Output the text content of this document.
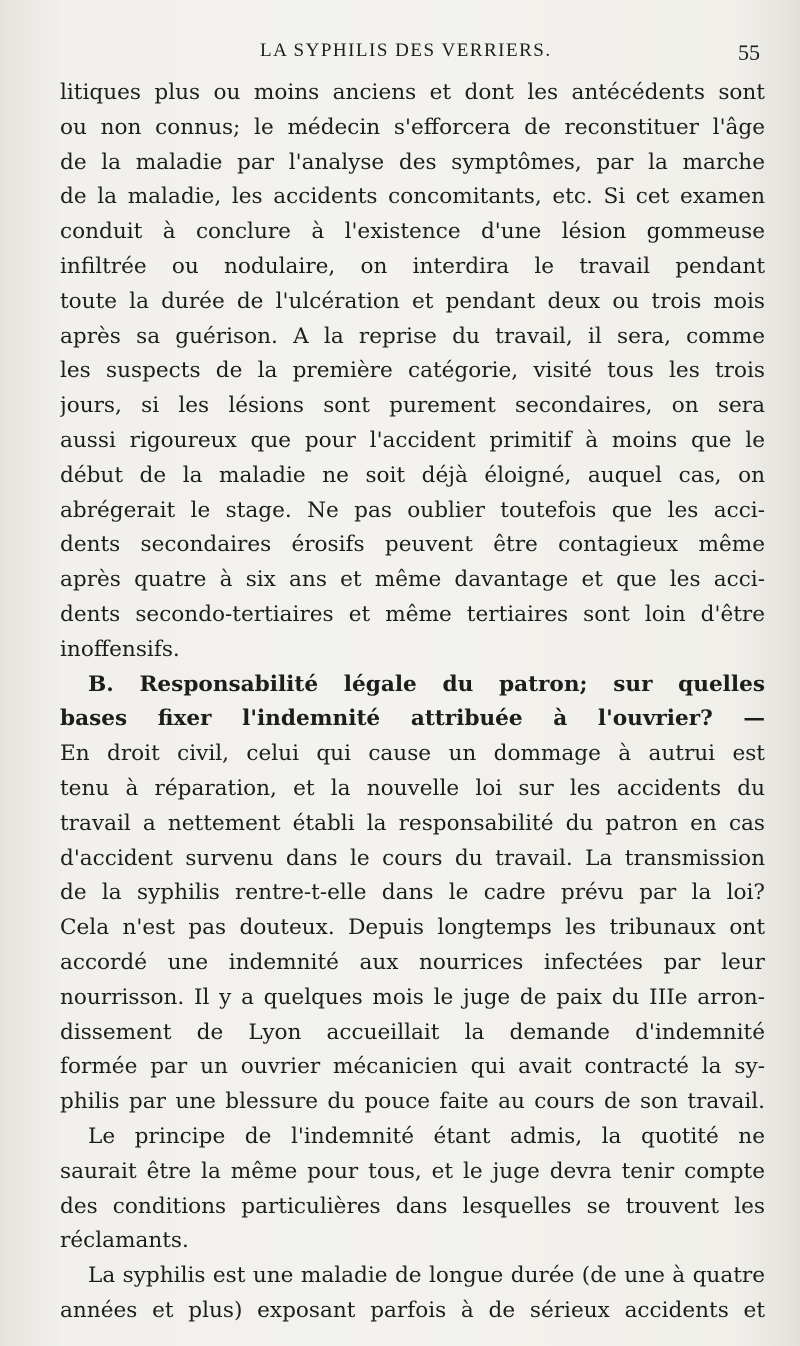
LA SYPHILIS DES VERRIERS.	55
litiques plus ou moins anciens et dont les antécédents sont
ou non connus; le médecin s'efforcera de reconstituer l'âge
de la maladie par l'analyse des symptômes, par la marche
de la maladie, les accidents concomitants, etc. Si cet examen
conduit à conclure à l'existence d'une lésion gommeuse
infiltrée ou nodulaire, on interdira le travail pendant
toute la durée de l'ulcération et pendant deux ou trois mois
après sa guérison. A la reprise du travail, il sera, comme
les suspects de la première catégorie, visité tous les trois
jours, si les lésions sont purement secondaires, on sera
aussi rigoureux que pour l'accident primitif à moins que le
début de la maladie ne soit déjà éloigné, auquel cas, on
abrégerait le stage. Ne pas oublier toutefois que les acci-
dents secondaires érosifs peuvent être contagieux même
après quatre à six ans et même davantage et que les acci-
dents secondo-tertiaires et même tertiaires sont loin d'être
inoffensifs.
B. Responsabilité légale du patron; sur quelles
bases fixer l'indemnité attribuée à l'ouvrier? —
En droit civil, celui qui cause un dommage à autrui est
tenu à réparation, et la nouvelle loi sur les accidents du
travail a nettement établi la responsabilité du patron en cas
d'accident survenu dans le cours du travail. La transmission
de la syphilis rentre-t-elle dans le cadre prévu par la loi?
Cela n'est pas douteux. Depuis longtemps les tribunaux ont
accordé une indemnité aux nourrices infectées par leur
nourrisson. Il y a quelques mois le juge de paix du IIIe arron-
dissement de Lyon accueillait la demande d'indemnité
formée par un ouvrier mécanicien qui avait contracté la sy-
philis par une blessure du pouce faite au cours de son travail.
Le principe de l'indemnité étant admis, la quotité ne
saurait être la même pour tous, et le juge devra tenir compte
des conditions particulières dans lesquelles se trouvent les
réclamants.
La syphilis est une maladie de longue durée (de une à quatre
années et plus) exposant parfois à de sérieux accidents et
